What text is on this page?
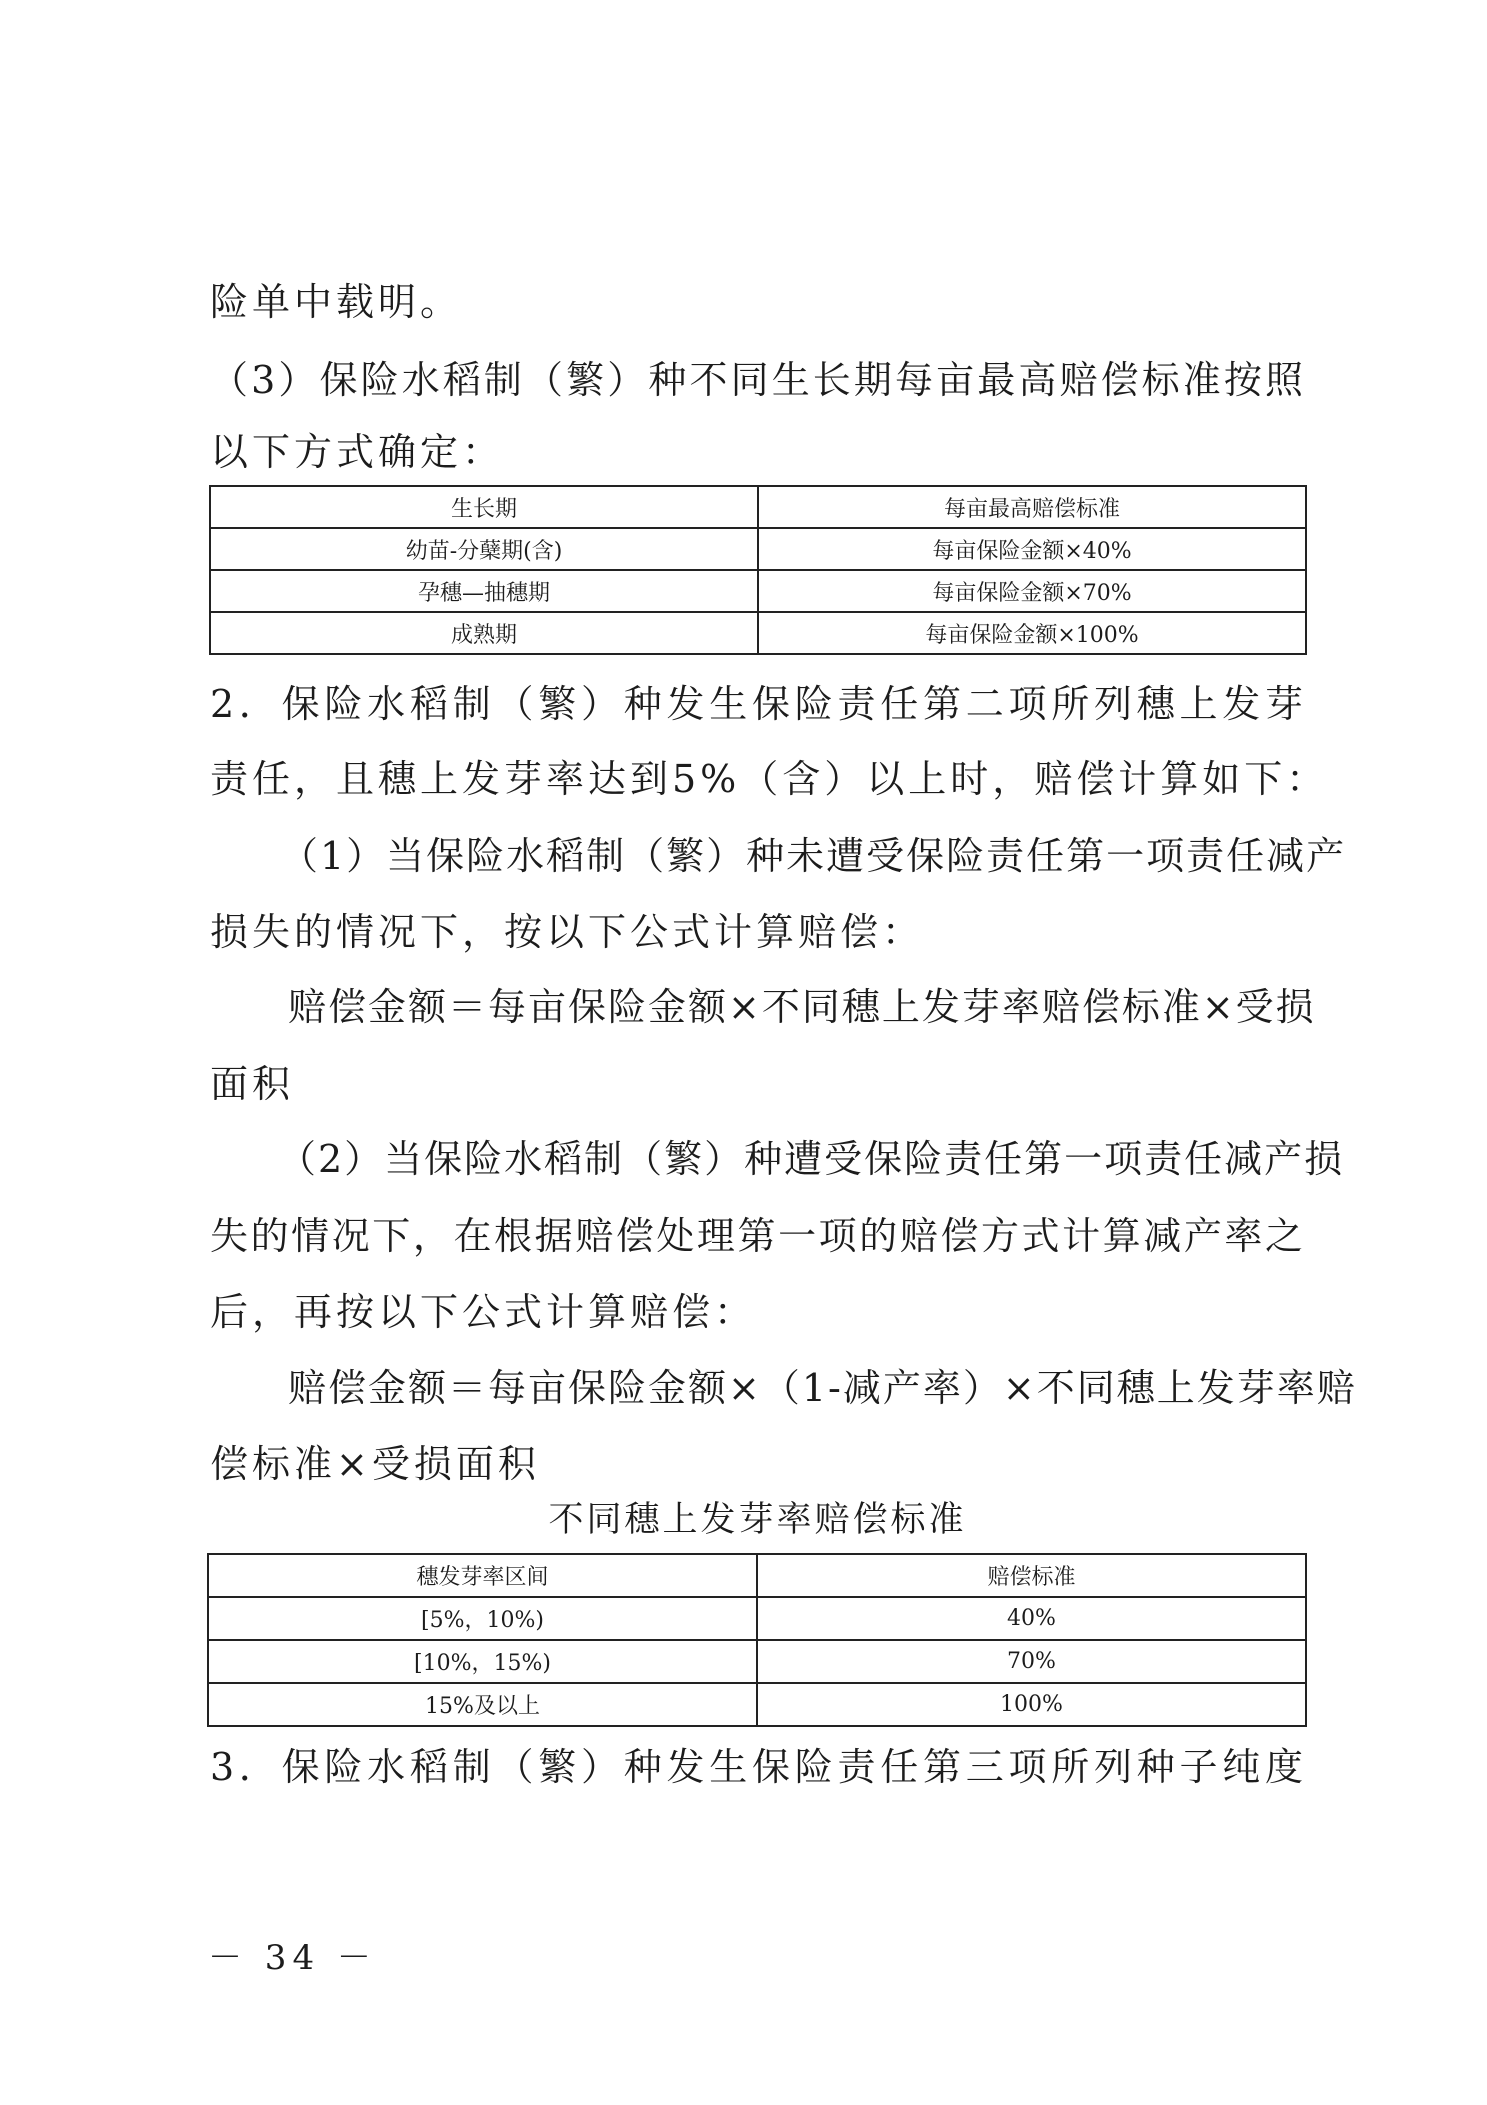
险单中载明。
（3）保险水稻制（繁）种不同生长期每亩最高赔偿标准按照
以下方式确定：
生长期	每亩最高赔偿标准
幼苗-分蘖期(含)	每亩保险金额×40%
孕穗—抽穗期	每亩保险金额×70%
成熟期	每亩保险金额×100%
2．保险水稻制（繁）种发生保险责任第二项所列穗上发芽
责任，且穗上发芽率达到5%（含）以上时，赔偿计算如下：
（1）当保险水稻制（繁）种未遭受保险责任第一项责任减产
损失的情况下，按以下公式计算赔偿：
赔偿金额＝每亩保险金额×不同穗上发芽率赔偿标准×受损
面积
（2）当保险水稻制（繁）种遭受保险责任第一项责任减产损
失的情况下，在根据赔偿处理第一项的赔偿方式计算减产率之
后，再按以下公式计算赔偿：
赔偿金额＝每亩保险金额×（1-减产率）×不同穗上发芽率赔
偿标准×受损面积
不同穗上发芽率赔偿标准
穗发芽率区间	赔偿标准
[5%，10%)	40%
[10%，15%)	70%
15%及以上	100%
3．保险水稻制（繁）种发生保险责任第三项所列种子纯度
－ 34 －
